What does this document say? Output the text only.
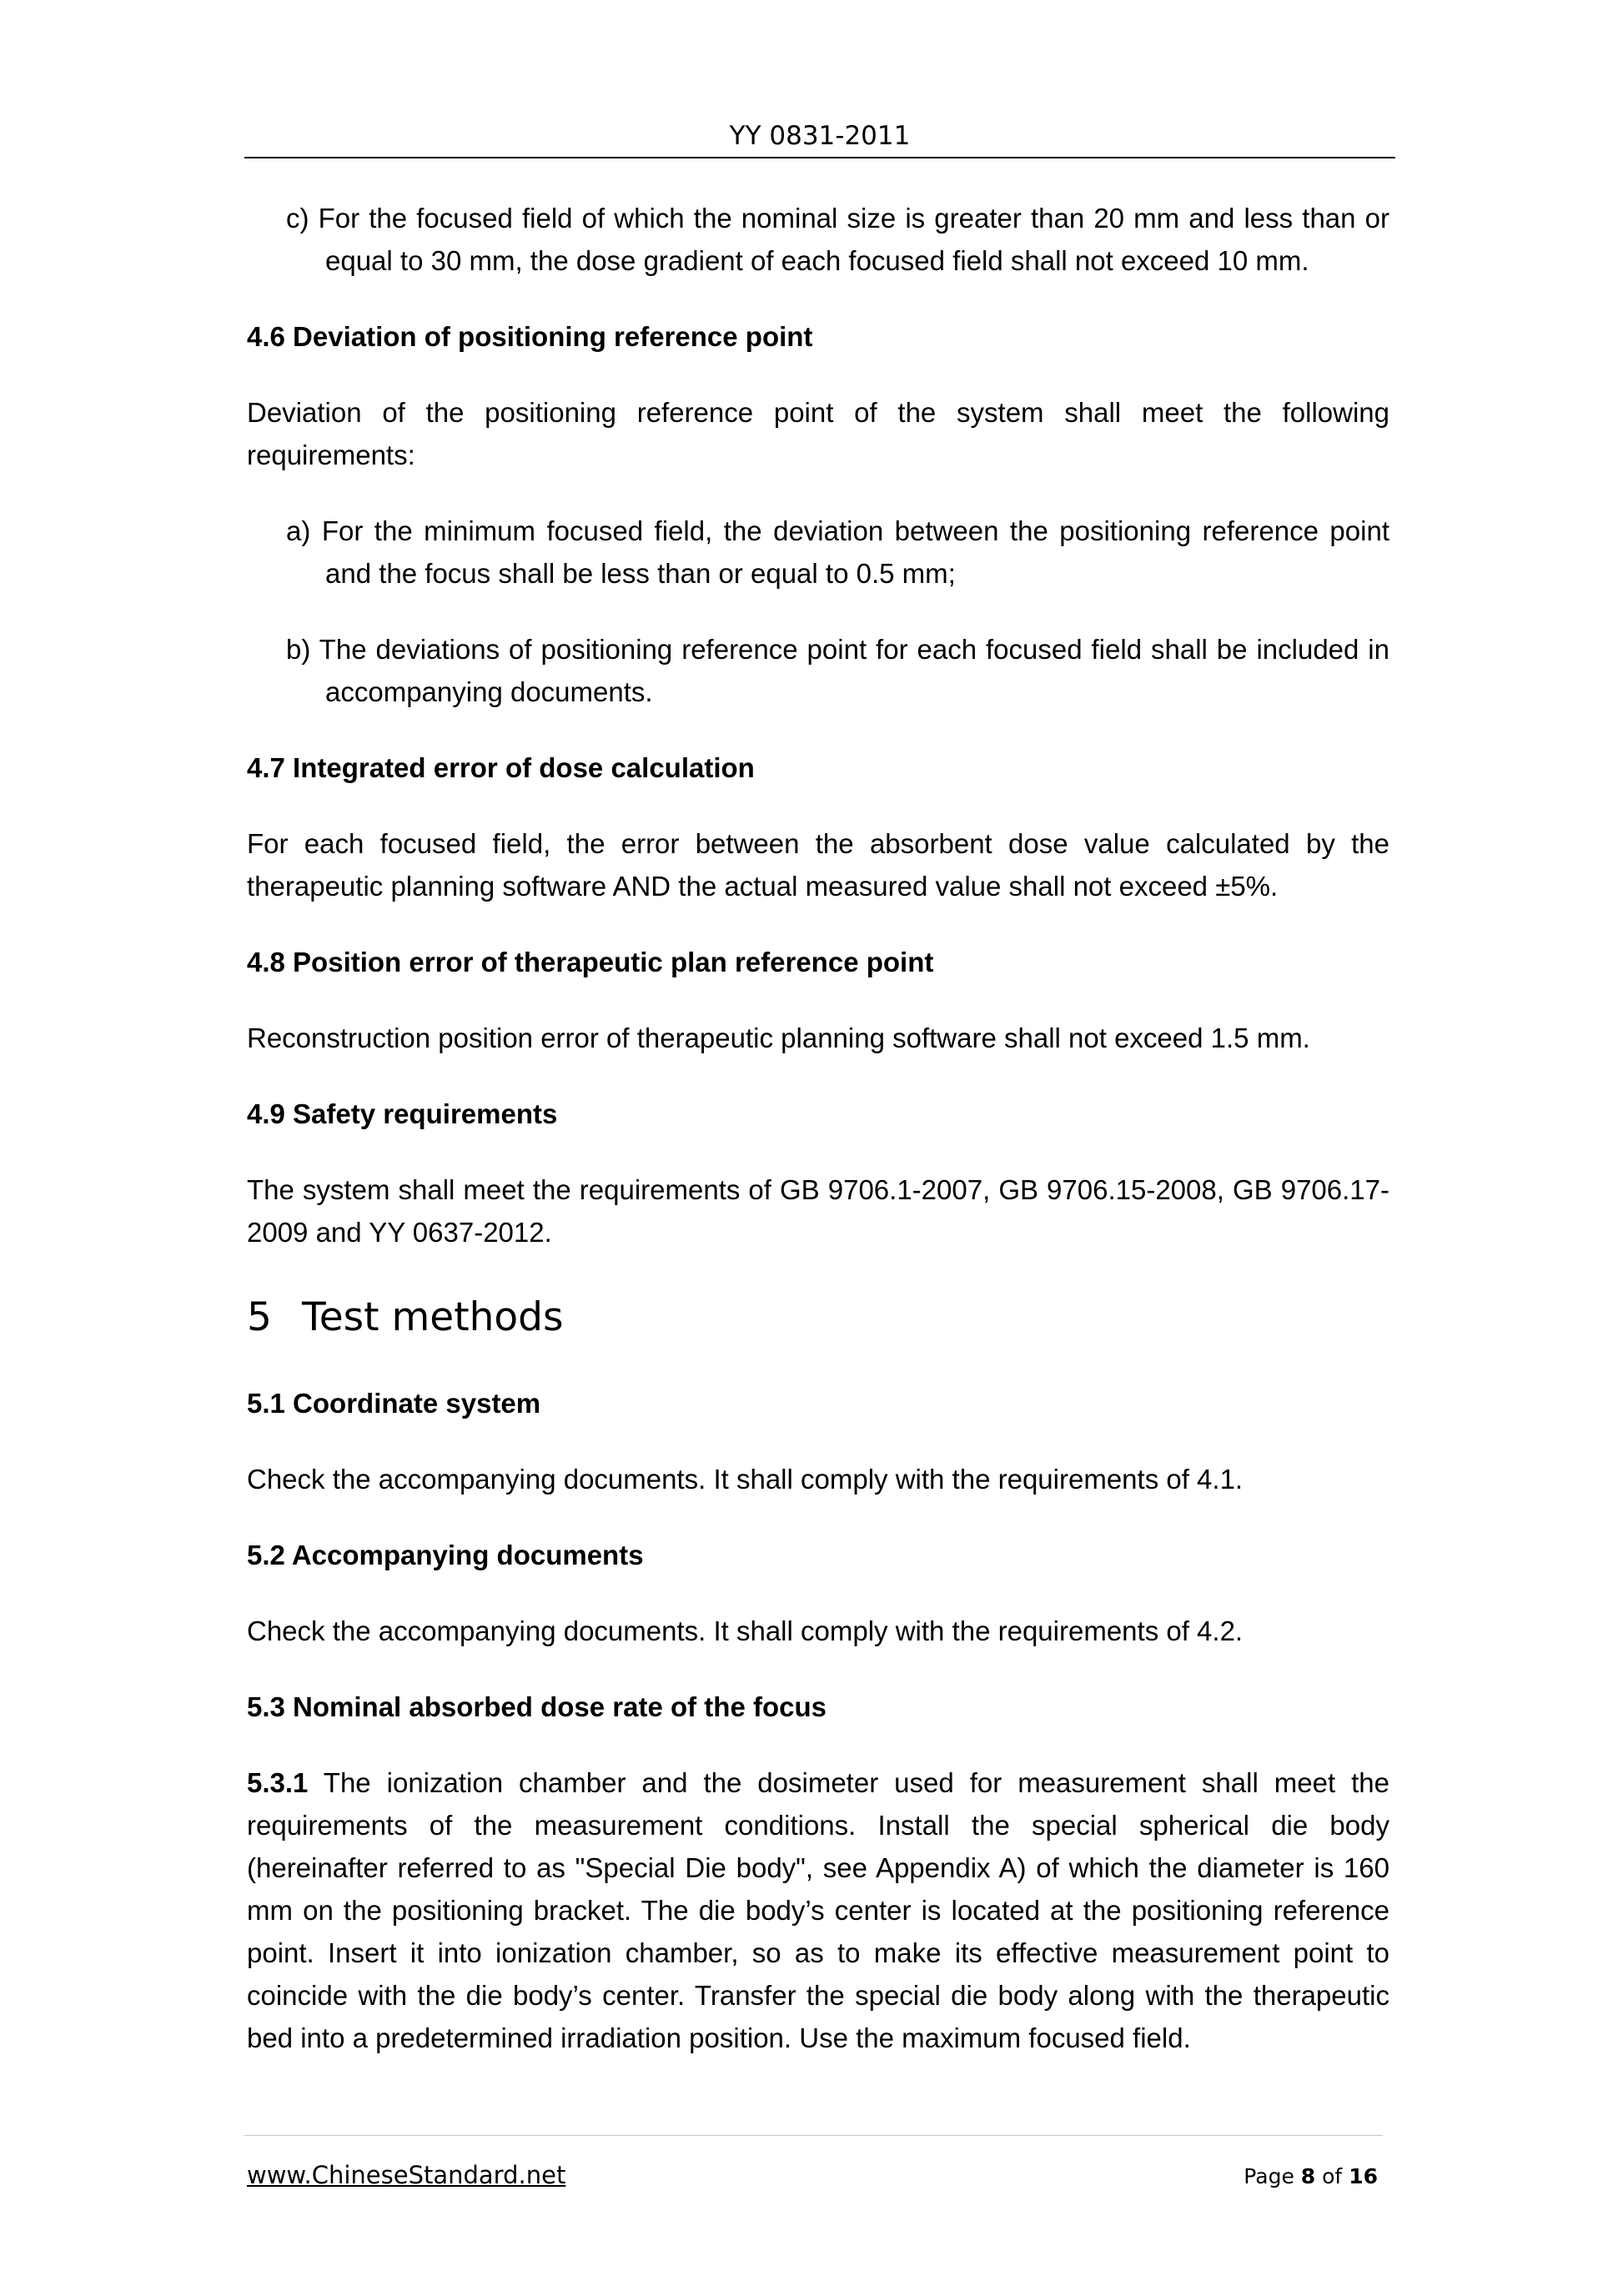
YY 0831-2011

c) For the focused field of which the nominal size is greater than 20 mm and less than or equal to 30 mm, the dose gradient of each focused field shall not exceed 10 mm.

4.6 Deviation of positioning reference point

Deviation of the positioning reference point of the system shall meet the following requirements:

a) For the minimum focused field, the deviation between the positioning reference point and the focus shall be less than or equal to 0.5 mm;

b) The deviations of positioning reference point for each focused field shall be included in accompanying documents.

4.7 Integrated error of dose calculation

For each focused field, the error between the absorbent dose value calculated by the therapeutic planning software AND the actual measured value shall not exceed ±5%.

4.8 Position error of therapeutic plan reference point

Reconstruction position error of therapeutic planning software shall not exceed 1.5 mm.

4.9 Safety requirements

The system shall meet the requirements of GB 9706.1-2007, GB 9706.15-2008, GB 9706.17-2009 and YY 0637-2012.

5 Test methods

5.1 Coordinate system

Check the accompanying documents. It shall comply with the requirements of 4.1.

5.2 Accompanying documents

Check the accompanying documents. It shall comply with the requirements of 4.2.

5.3 Nominal absorbed dose rate of the focus

5.3.1 The ionization chamber and the dosimeter used for measurement shall meet the requirements of the measurement conditions. Install the special spherical die body (hereinafter referred to as "Special Die body", see Appendix A) of which the diameter is 160 mm on the positioning bracket. The die body’s center is located at the positioning reference point. Insert it into ionization chamber, so as to make its effective measurement point to coincide with the die body’s center. Transfer the special die body along with the therapeutic bed into a predetermined irradiation position. Use the maximum focused field.

www.ChineseStandard.net	Page 8 of 16
